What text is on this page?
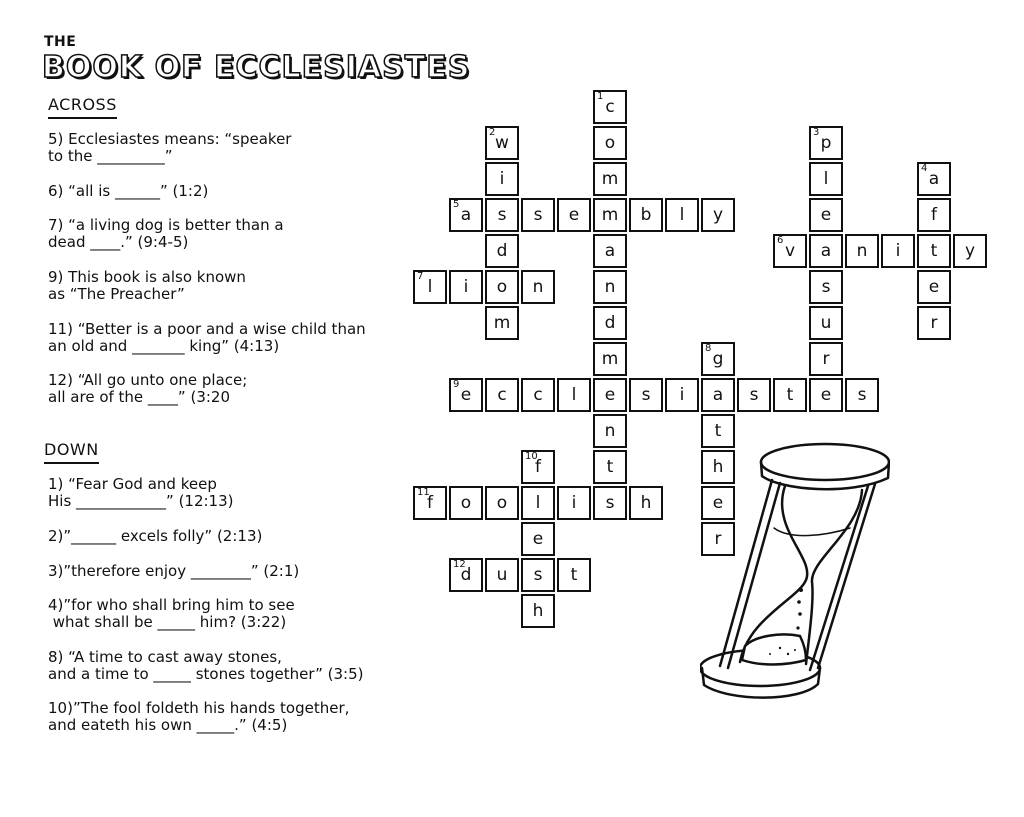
THE
BOOK OF ECCLESIASTES
ACROSS
5) Ecclesiastes means: “speaker
to the _________”
6) “all is ______” (1:2)
7) “a living dog is better than a
dead ____.” (9:4-5)
9) This book is also known
as “The Preacher”
11) “Better is a poor and a wise child than
an old and _______ king” (4:13)
12) “All go unto one place;
all are of the ____” (3:20
DOWN
1) “Fear God and keep
His ____________” (12:13)
2)”______ excels folly” (2:13)
3)”therefore enjoy ________” (2:1)
4)”for who shall bring him to see
what shall be _____ him? (3:22)
8) “A time to cast away stones,
and a time to _____ stones together” (3:5)
10)”The fool foldeth his hands together,
and eateth his own _____.” (4:5)
c
1
o
m
m
a
n
d
m
e
n
t
s
w
2
i
s
d
o
m
p
3
l
e
a
s
u
r
e
a
4
f
t
e
r
g
8
a
t
h
e
r
f
10
l
e
s
h
a
5
s e	b l y
v
6
n i	y
l
7
i	n
e
9
c c l	s i	s t	s
f
11
o o	i	h
d
12
u	t
